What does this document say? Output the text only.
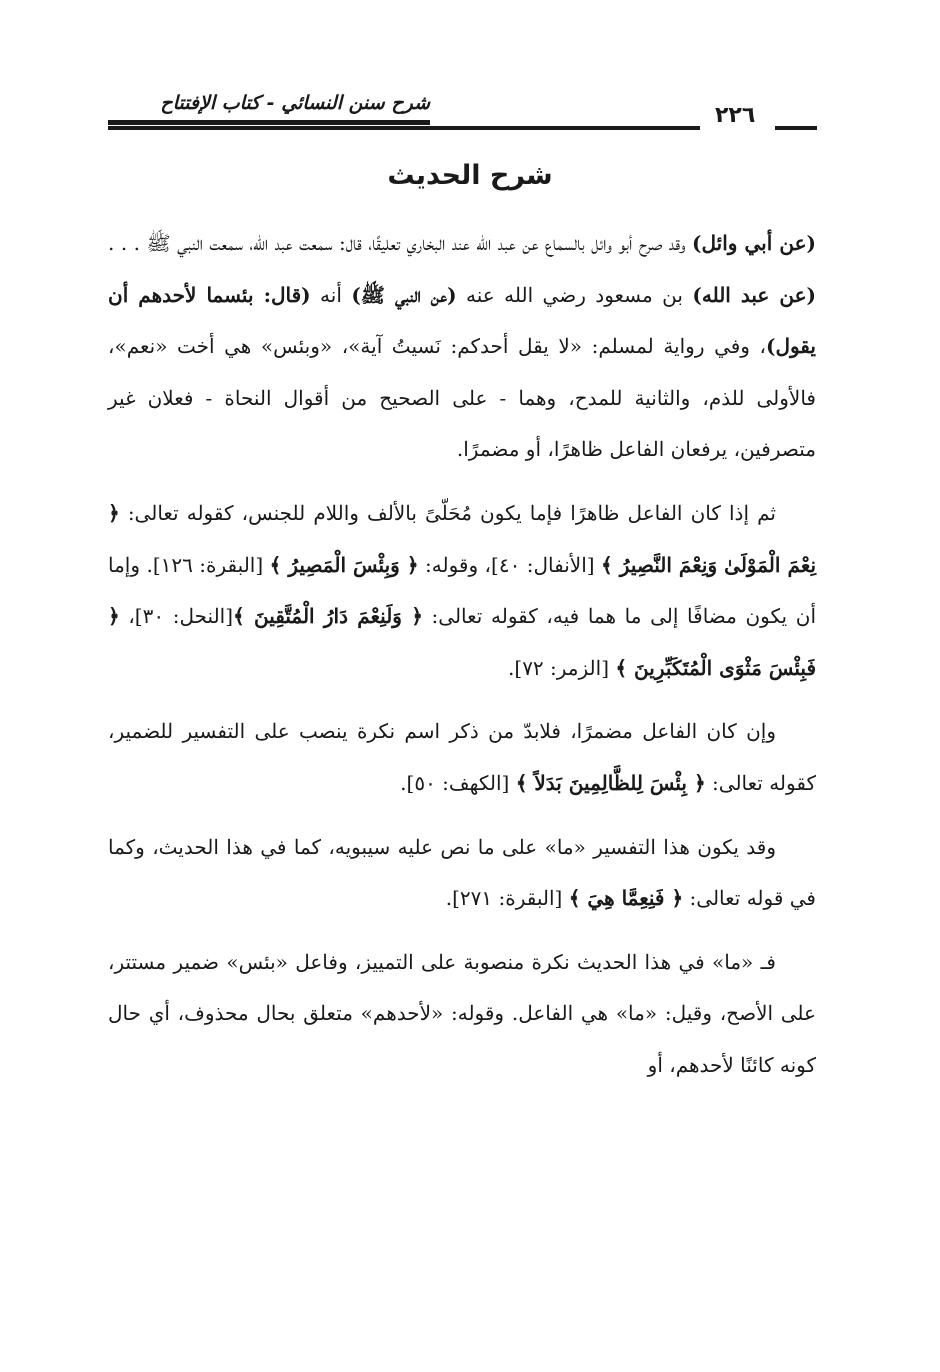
شرح سنن النسائي - كتاب الإفتتاح	٢٢٦
شرح الحديث

(عن أبي وائل) وقد صرح أبو وائل بالسماع عن عبد الله عند البخاري تعليقًا، قال: سمعت عبد الله، سمعت النبي ﷺ . . . (عن عبد الله) بن مسعود رضي الله عنه (عن النبي ﷺ) أنه (قال: بئسما لأحدهم أن يقول)، وفي رواية لمسلم: «لا يقل أحدكم: نَسيتُ آية»، «وبئس» هي أخت «نعم»، فالأولى للذم، والثانية للمدح، وهما - على الصحيح من أقوال النحاة - فعلان غير متصرفين، يرفعان الفاعل ظاهرًا، أو مضمرًا.

ثم إذا كان الفاعل ظاهرًا فإما يكون مُحَلّىً بالألف واللام للجنس، كقوله تعالى: ﴿ نِعْمَ الْمَوْلَىٰ وَنِعْمَ النَّصِيرُ ﴾ [الأنفال: ٤٠]، وقوله: ﴿ وَبِئْسَ الْمَصِيرُ ﴾ [البقرة: ١٢٦]. وإما أن يكون مضافًا إلى ما هما فيه، كقوله تعالى: ﴿ وَلَنِعْمَ دَارُ الْمُتَّقِينَ ﴾[النحل: ٣٠]، ﴿ فَبِئْسَ مَثْوَى الْمُتَكَبِّرِينَ ﴾ [الزمر: ٧٢].

وإن كان الفاعل مضمرًا، فلابدّ من ذكر اسم نكرة ينصب على التفسير للضمير، كقوله تعالى: ﴿ بِئْسَ لِلظَّالِمِينَ بَدَلاً ﴾ [الكهف: ٥٠].

وقد يكون هذا التفسير «ما» على ما نص عليه سيبويه، كما في هذا الحديث، وكما في قوله تعالى: ﴿ فَنِعِمَّا هِيَ ﴾ [البقرة: ٢٧١].

فـ «ما» في هذا الحديث نكرة منصوبة على التمييز، وفاعل «بئس» ضمير مستتر، على الأصح، وقيل: «ما» هي الفاعل. وقوله: «لأحدهم» متعلق بحال محذوف، أي حال كونه كائنًا لأحدهم، أو
